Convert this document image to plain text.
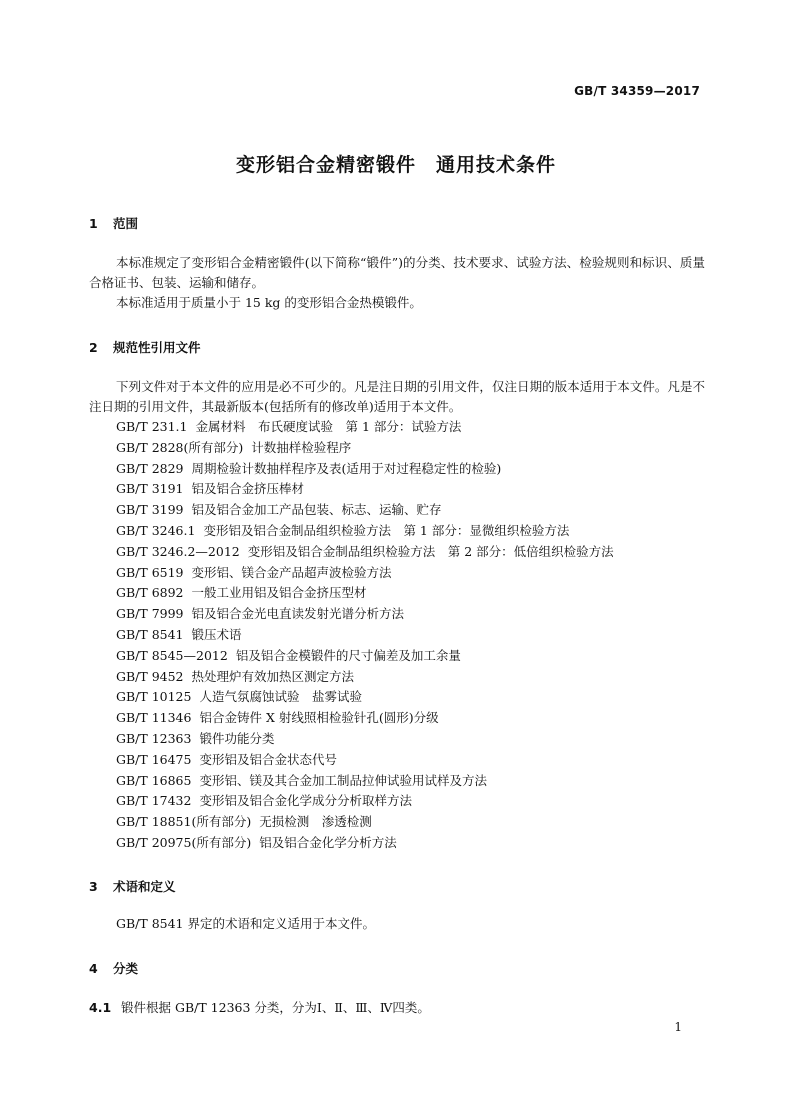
GB/T 34359—2017
变形铝合金精密锻件　通用技术条件
1 范围

本标准规定了变形铝合金精密锻件(以下简称“锻件”)的分类、技术要求、试验方法、检验规则和标识、质量合格证书、包装、运输和储存。

本标准适用于质量小于 15 kg 的变形铝合金热模锻件。

2 规范性引用文件

下列文件对于本文件的应用是必不可少的。凡是注日期的引用文件，仅注日期的版本适用于本文件。凡是不注日期的引用文件，其最新版本(包括所有的修改单)适用于本文件。

GB/T 231.1 金属材料　布氏硬度试验　第 1 部分：试验方法
GB/T 2828(所有部分) 计数抽样检验程序
GB/T 2829 周期检验计数抽样程序及表(适用于对过程稳定性的检验)
GB/T 3191 铝及铝合金挤压棒材
GB/T 3199 铝及铝合金加工产品包装、标志、运输、贮存
GB/T 3246.1 变形铝及铝合金制品组织检验方法　第 1 部分：显微组织检验方法
GB/T 3246.2—2012 变形铝及铝合金制品组织检验方法　第 2 部分：低倍组织检验方法
GB/T 6519 变形铝、镁合金产品超声波检验方法
GB/T 6892 一般工业用铝及铝合金挤压型材
GB/T 7999 铝及铝合金光电直读发射光谱分析方法
GB/T 8541 锻压术语
GB/T 8545—2012 铝及铝合金模锻件的尺寸偏差及加工余量
GB/T 9452 热处理炉有效加热区测定方法
GB/T 10125 人造气氛腐蚀试验　盐雾试验
GB/T 11346 铝合金铸件 X 射线照相检验针孔(圆形)分级
GB/T 12363 锻件功能分类
GB/T 16475 变形铝及铝合金状态代号
GB/T 16865 变形铝、镁及其合金加工制品拉伸试验用试样及方法
GB/T 17432 变形铝及铝合金化学成分分析取样方法
GB/T 18851(所有部分) 无损检测　渗透检测
GB/T 20975(所有部分) 铝及铝合金化学分析方法
3 术语和定义

GB/T 8541 界定的术语和定义适用于本文件。

4 分类
4.1 锻件根据 GB/T 12363 分类，分为Ⅰ、Ⅱ、Ⅲ、Ⅳ四类。
1
